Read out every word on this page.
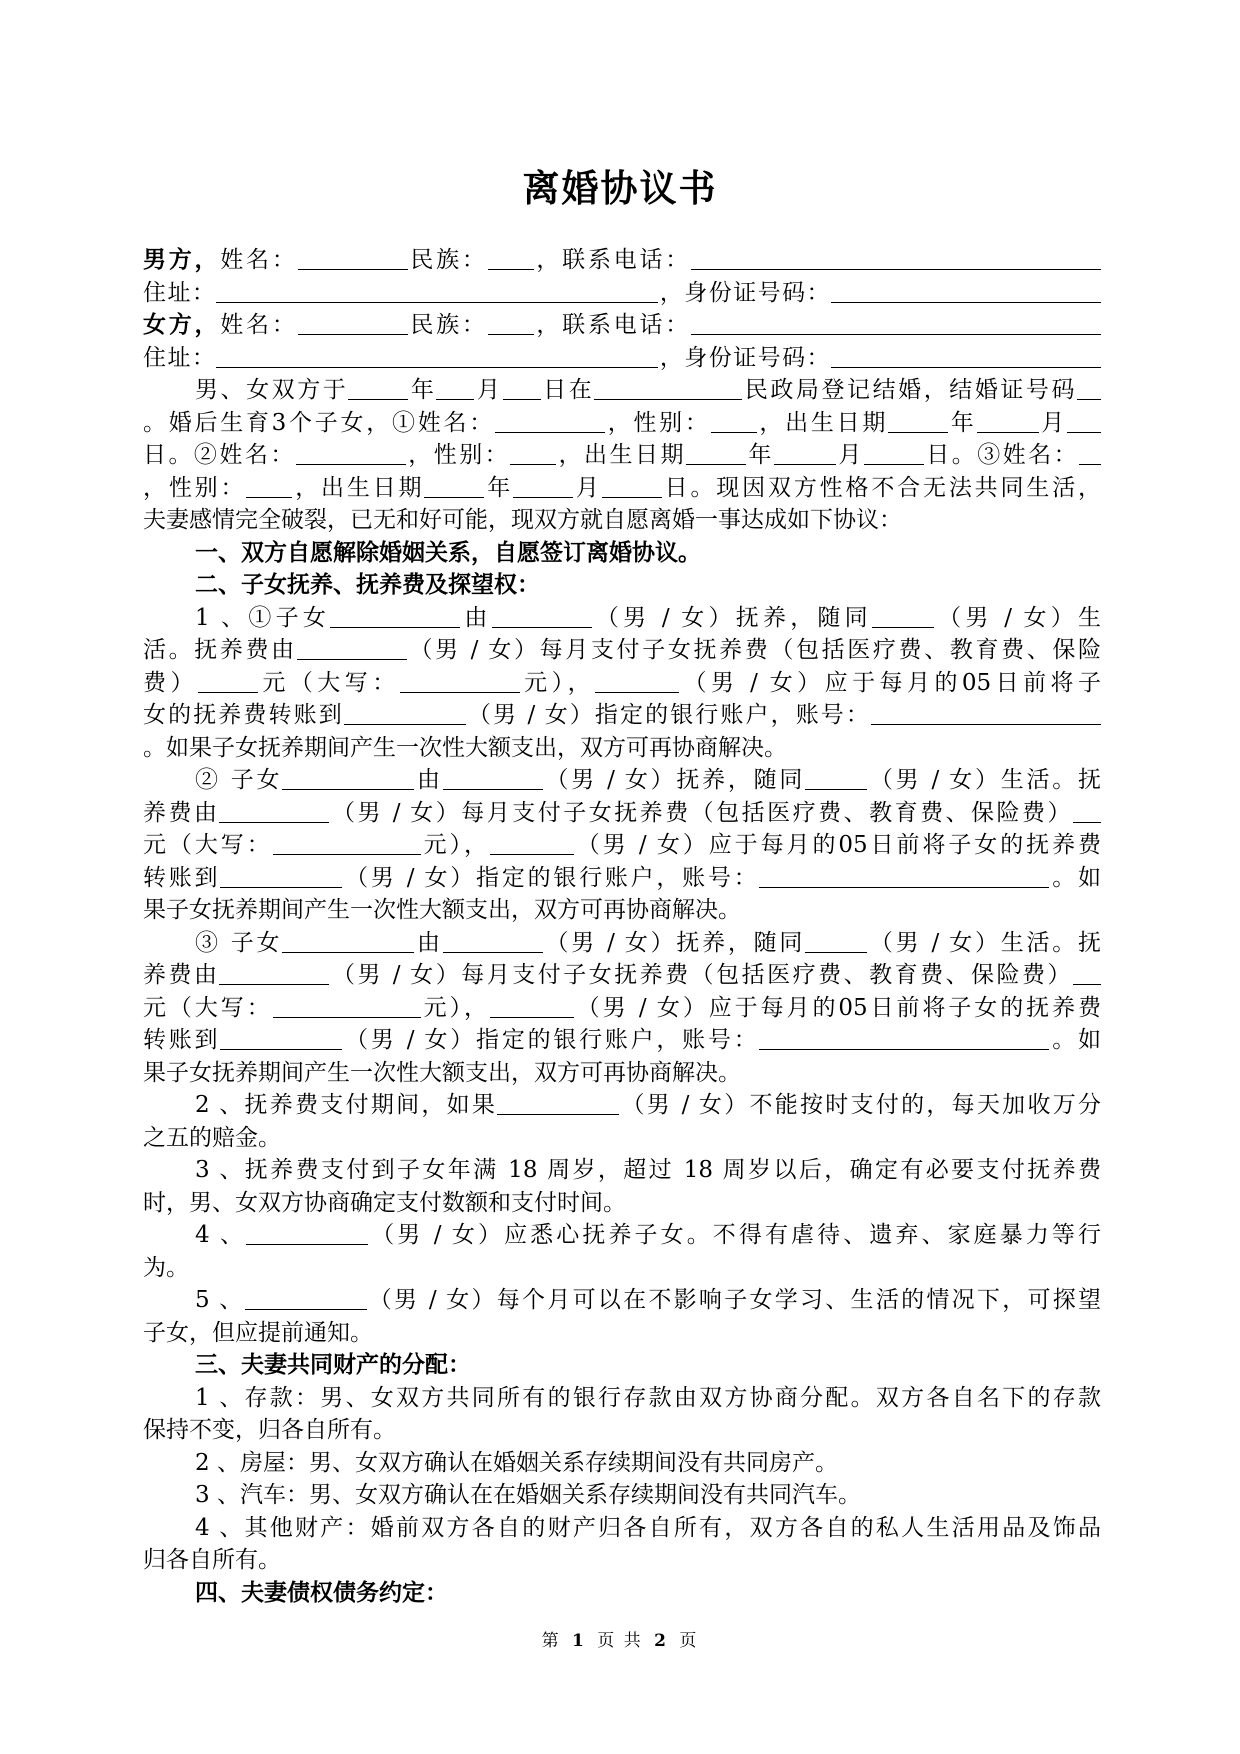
离婚协议书
男方，姓名：	民族： ，联系电话：
住址：	，身份证号码：
女方，姓名：	民族： ，联系电话：
住址：	，身份证号码：
男、女双方于	年 月 日在	民政局登记结婚，结婚证号码
。婚后生育3个子女，①姓名：	，性别： ，出生日期	年	月
日。②姓名：	，性别： ，出生日期	年	月	日。③姓名：
，性别： ，出生日期	年	月	日。现因双方性格不合无法共同生活，
夫妻感情完全破裂，已无和好可能，现双方就自愿离婚一事达成如下协议：
一、双方自愿解除婚姻关系，自愿签订离婚协议。
二、子女抚养、抚养费及探望权：
1 、①子女	由	（男 / 女）抚养，随同	（男 / 女）生
活。抚养费由	（男 / 女）每月支付子女抚养费（包括医疗费、教育费、保险
费）	元（大写：	元），	（男 / 女）应于每月的05日前将子
女的抚养费转账到	（男 / 女）指定的银行账户，账号：
。如果子女抚养期间产生一次性大额支出，双方可再协商解决。
② 子女	由	（男 / 女）抚养，随同	（男 / 女）生活。抚
养费由	（男 / 女）每月支付子女抚养费（包括医疗费、教育费、保险费）
元（大写：	元），	（男 / 女）应于每月的05日前将子女的抚养费
转账到	（男 / 女）指定的银行账户，账号：	。如
果子女抚养期间产生一次性大额支出，双方可再协商解决。
③ 子女	由	（男 / 女）抚养，随同	（男 / 女）生活。抚
养费由	（男 / 女）每月支付子女抚养费（包括医疗费、教育费、保险费）
元（大写：	元），	（男 / 女）应于每月的05日前将子女的抚养费
转账到	（男 / 女）指定的银行账户，账号：	。如
果子女抚养期间产生一次性大额支出，双方可再协商解决。
2 、抚养费支付期间，如果	（男 / 女）不能按时支付的，每天加收万分
之五的赔金。
3 、抚养费支付到子女年满 18 周岁，超过 18 周岁以后，确定有必要支付抚养费
时，男、女双方协商确定支付数额和支付时间。
4 、	（男 / 女）应悉心抚养子女。不得有虐待、遗弃、家庭暴力等行
为。
5 、	（男 / 女）每个月可以在不影响子女学习、生活的情况下，可探望
子女，但应提前通知。
三、夫妻共同财产的分配：
1 、存款：男、女双方共同所有的银行存款由双方协商分配。双方各自名下的存款
保持不变，归各自所有。
2 、房屋：男、女双方确认在婚姻关系存续期间没有共同房产。
3 、汽车：男、女双方确认在在婚姻关系存续期间没有共同汽车。
4 、其他财产：婚前双方各自的财产归各自所有，双方各自的私人生活用品及饰品
归各自所有。
四、夫妻债权债务约定：
第 1 页 共 2 页
